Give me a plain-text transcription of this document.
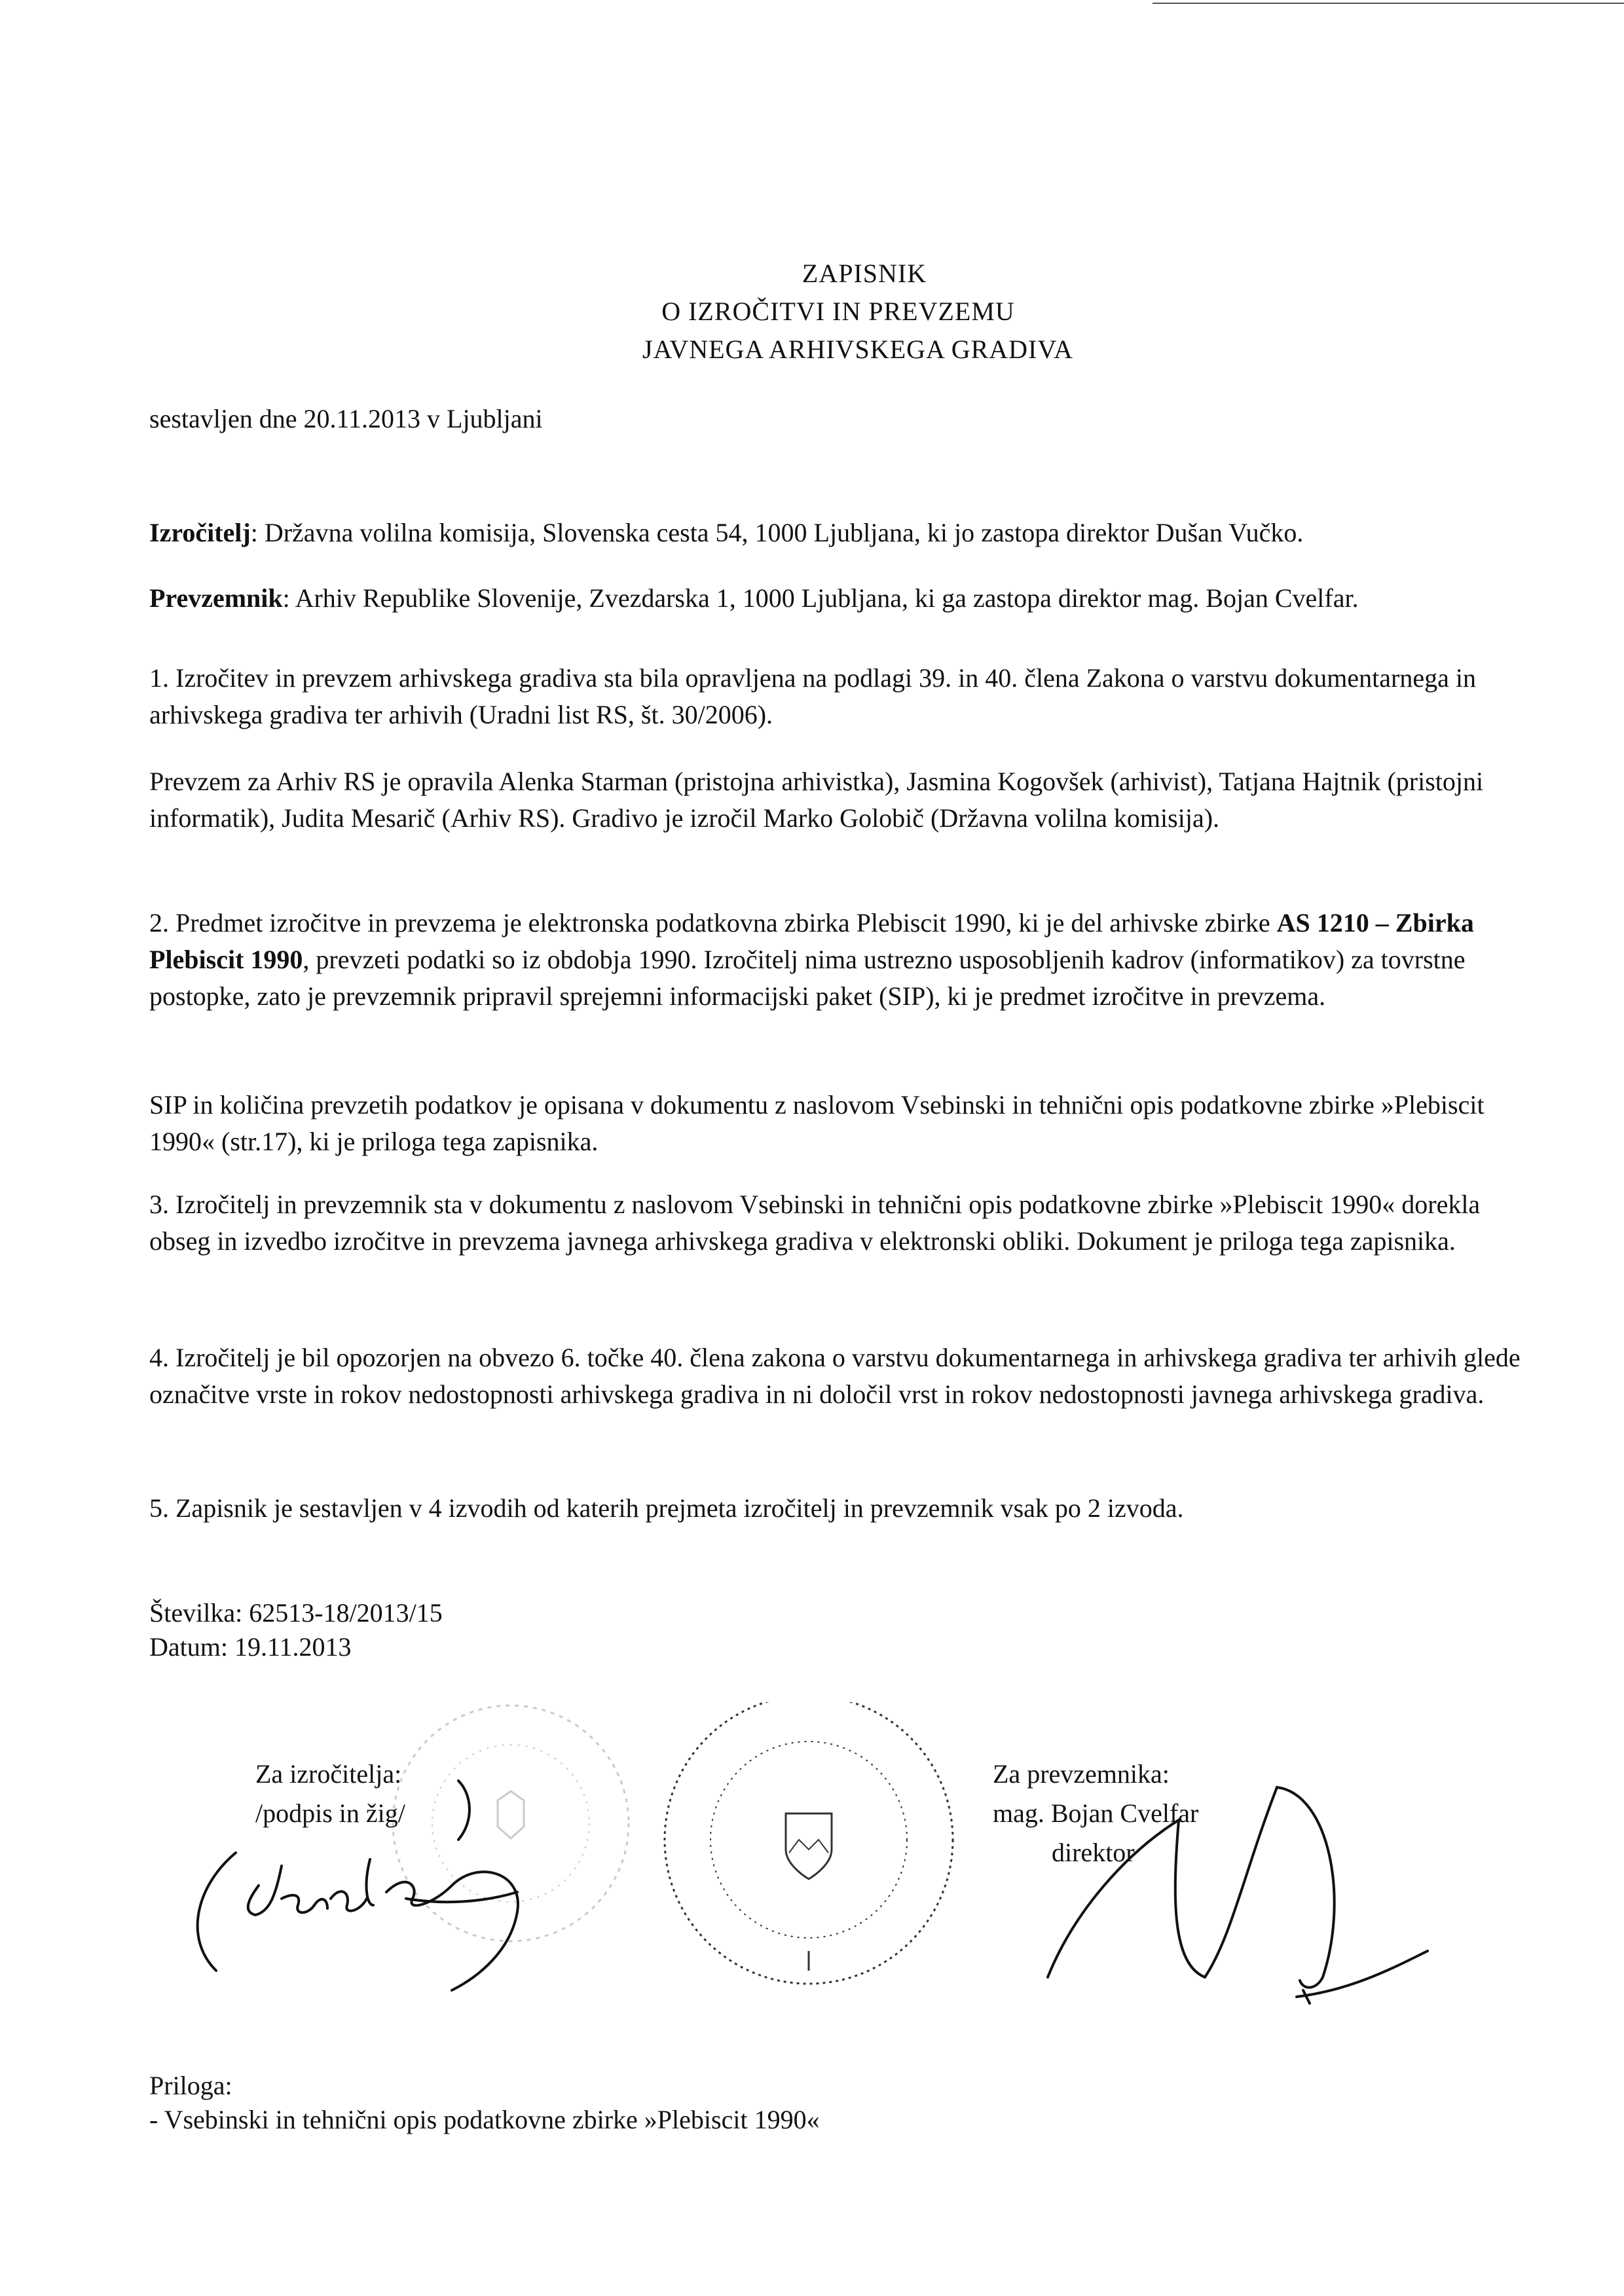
ZAPISNIK
O IZROČITVI IN PREVZEMU
JAVNEGA ARHIVSKEGA GRADIVA
sestavljen dne 20.11.2013 v Ljubljani
Izročitelj: Državna volilna komisija, Slovenska cesta 54, 1000 Ljubljana, ki jo zastopa direktor Dušan Vučko.
Prevzemnik: Arhiv Republike Slovenije, Zvezdarska 1, 1000 Ljubljana, ki ga zastopa direktor mag. Bojan Cvelfar.
1. Izročitev in prevzem arhivskega gradiva sta bila opravljena na podlagi 39. in 40. člena Zakona o varstvu dokumentarnega in arhivskega gradiva ter arhivih (Uradni list RS, št. 30/2006).
Prevzem za Arhiv RS je opravila Alenka Starman (pristojna arhivistka), Jasmina Kogovšek (arhivist), Tatjana Hajtnik (pristojni informatik), Judita Mesarič (Arhiv RS). Gradivo je izročil Marko Golobič (Državna volilna komisija).
2. Predmet izročitve in prevzema je elektronska podatkovna zbirka Plebiscit 1990, ki je del arhivske zbirke AS 1210 – Zbirka Plebiscit 1990, prevzeti podatki so iz obdobja 1990. Izročitelj nima ustrezno usposobljenih kadrov (informatikov) za tovrstne postopke, zato je prevzemnik pripravil sprejemni informacijski paket (SIP), ki je predmet izročitve in prevzema.
SIP in količina prevzetih podatkov je opisana v dokumentu z naslovom Vsebinski in tehnični opis podatkovne zbirke »Plebiscit 1990« (str.17), ki je priloga tega zapisnika.
3. Izročitelj in prevzemnik sta v dokumentu z naslovom Vsebinski in tehnični opis podatkovne zbirke »Plebiscit 1990« dorekla obseg in izvedbo izročitve in prevzema javnega arhivskega gradiva v elektronski obliki. Dokument je priloga tega zapisnika.
4. Izročitelj je bil opozorjen na obvezo 6. točke 40. člena zakona o varstvu dokumentarnega in arhivskega gradiva ter arhivih glede označitve vrste in rokov nedostopnosti arhivskega gradiva in ni določil vrst in rokov nedostopnosti javnega arhivskega gradiva.
5. Zapisnik je sestavljen v 4 izvodih od katerih prejmeta izročitelj in prevzemnik vsak po 2 izvoda.
Številka: 62513-18/2013/15
Datum: 19.11.2013
Za izročitelja:
/podpis in žig/
Za prevzemnika:
mag. Bojan Cvelfar
direktor
Priloga:
- Vsebinski in tehnični opis podatkovne zbirke »Plebiscit 1990«
